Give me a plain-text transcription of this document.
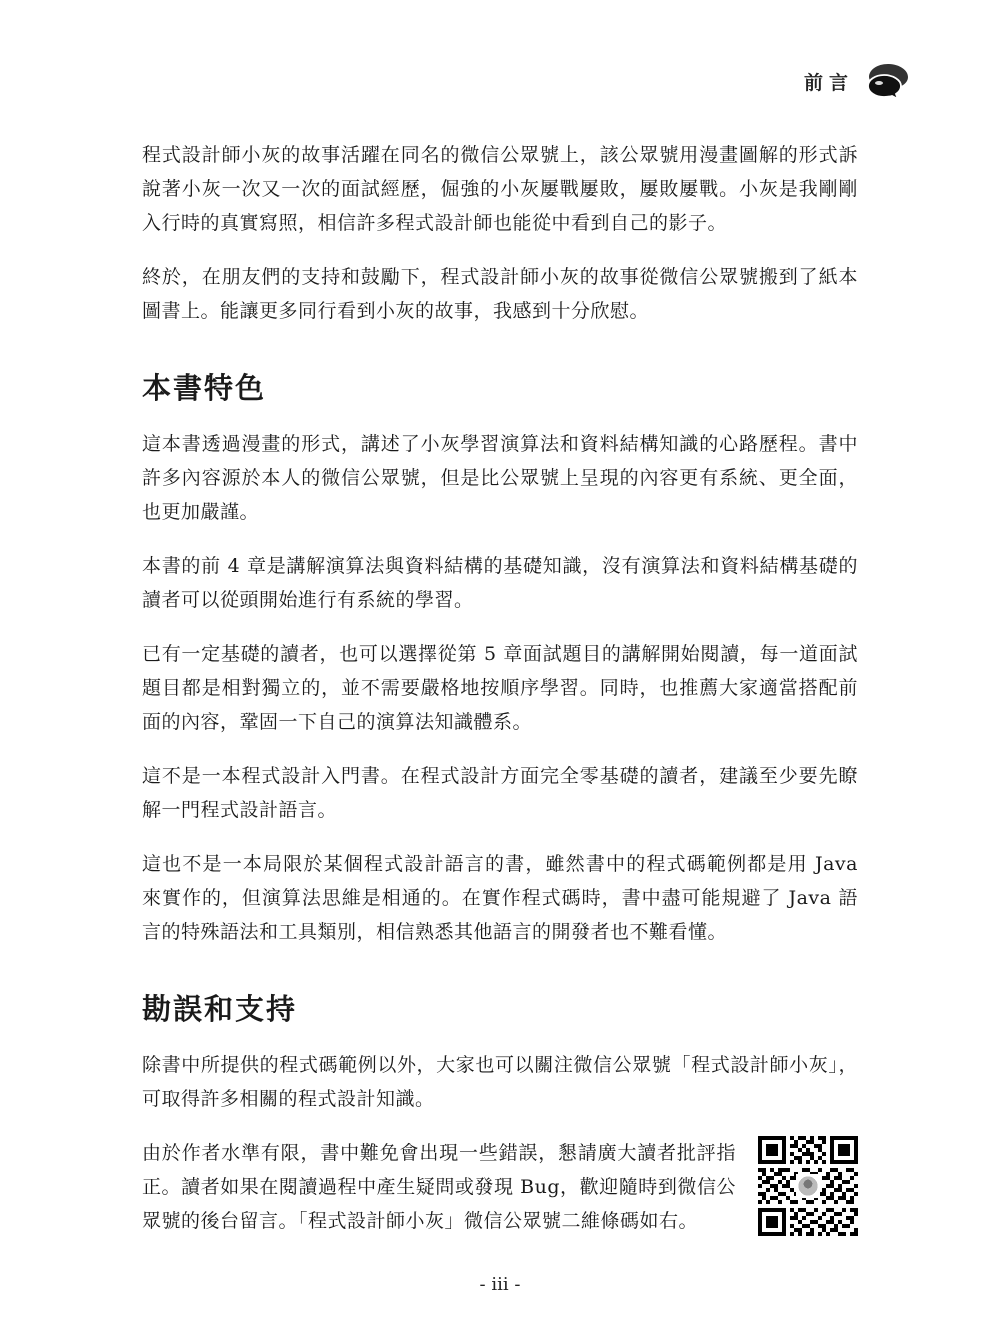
前言

程式設計師小灰的故事活躍在同名的微信公眾號上，該公眾號用漫畫圖解的形式訴說著小灰一次又一次的面試經歷，倔強的小灰屢戰屢敗，屢敗屢戰。小灰是我剛剛入行時的真實寫照，相信許多程式設計師也能從中看到自己的影子。

終於，在朋友們的支持和鼓勵下，程式設計師小灰的故事從微信公眾號搬到了紙本圖書上。能讓更多同行看到小灰的故事，我感到十分欣慰。

本書特色

這本書透過漫畫的形式，講述了小灰學習演算法和資料結構知識的心路歷程。書中許多內容源於本人的微信公眾號，但是比公眾號上呈現的內容更有系統、更全面，也更加嚴謹。

本書的前 4 章是講解演算法與資料結構的基礎知識，沒有演算法和資料結構基礎的讀者可以從頭開始進行有系統的學習。

已有一定基礎的讀者，也可以選擇從第 5 章面試題目的講解開始閱讀，每一道面試題目都是相對獨立的，並不需要嚴格地按順序學習。同時，也推薦大家適當搭配前面的內容，鞏固一下自己的演算法知識體系。

這不是一本程式設計入門書。在程式設計方面完全零基礎的讀者，建議至少要先瞭解一門程式設計語言。

這也不是一本局限於某個程式設計語言的書，雖然書中的程式碼範例都是用 Java 來實作的，但演算法思維是相通的。在實作程式碼時，書中盡可能規避了 Java 語言的特殊語法和工具類別，相信熟悉其他語言的開發者也不難看懂。

勘誤和支持

除書中所提供的程式碼範例以外，大家也可以關注微信公眾號「程式設計師小灰」，可取得許多相關的程式設計知識。

由於作者水準有限，書中難免會出現一些錯誤，懇請廣大讀者批評指正。讀者如果在閱讀過程中產生疑問或發現 Bug，歡迎隨時到微信公眾號的後台留言。「程式設計師小灰」微信公眾號二維條碼如右。

- iii -
